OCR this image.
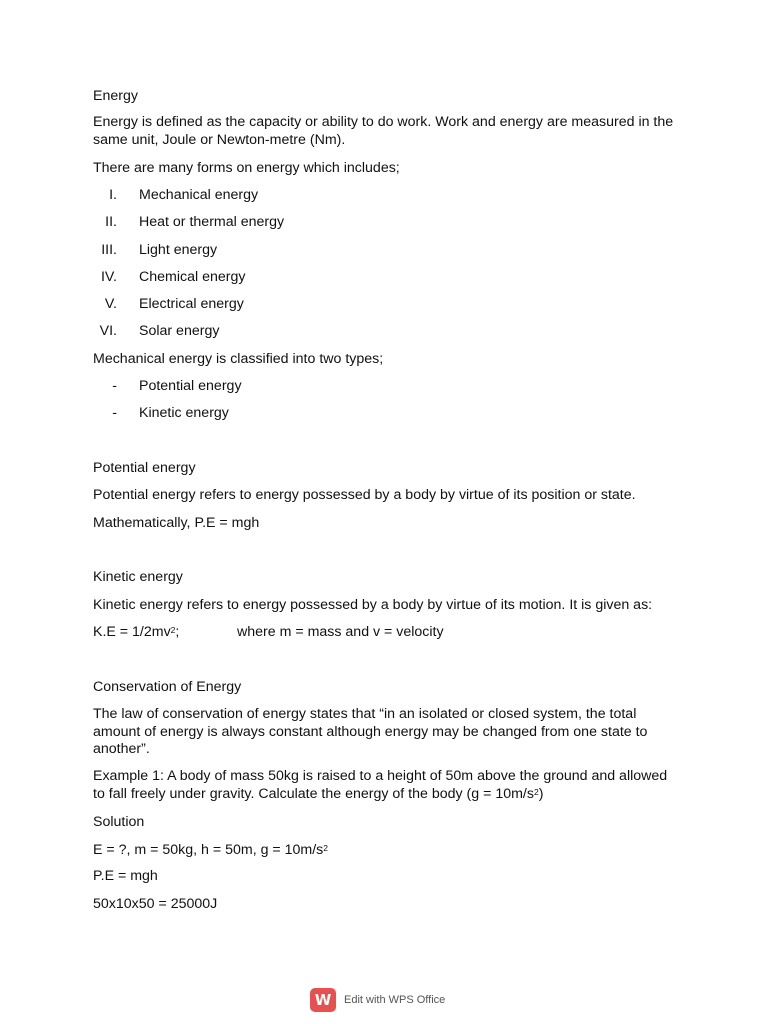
Energy
Energy is defined as the capacity or ability to do work. Work and energy are measured in the same unit, Joule or Newton-metre (Nm).
There are many forms on energy which includes;
I. Mechanical energy
II. Heat or thermal energy
III. Light energy
IV. Chemical energy
V. Electrical energy
VI. Solar energy
Mechanical energy is classified into two types;
- Potential energy
- Kinetic energy
Potential energy
Potential energy refers to energy possessed by a body by virtue of its position or state.
Mathematically, P.E = mgh
Kinetic energy
Kinetic energy refers to energy possessed by a body by virtue of its motion. It is given as:
$K.E = 1/2mv^2$;	where m = mass and v = velocity
Conservation of Energy
The law of conservation of energy states that “in an isolated or closed system, the total amount of energy is always constant although energy may be changed from one state to another”.
Example 1: A body of mass 50kg is raised to a height of 50m above the ground and allowed to fall freely under gravity. Calculate the energy of the body $(g = 10m/s^2)$
Solution
E = ?, m = 50kg, h = 50m, $g = 10m/s^2$
P.E = mgh
50x10x50 = 25000J
W	Edit with WPS Office
